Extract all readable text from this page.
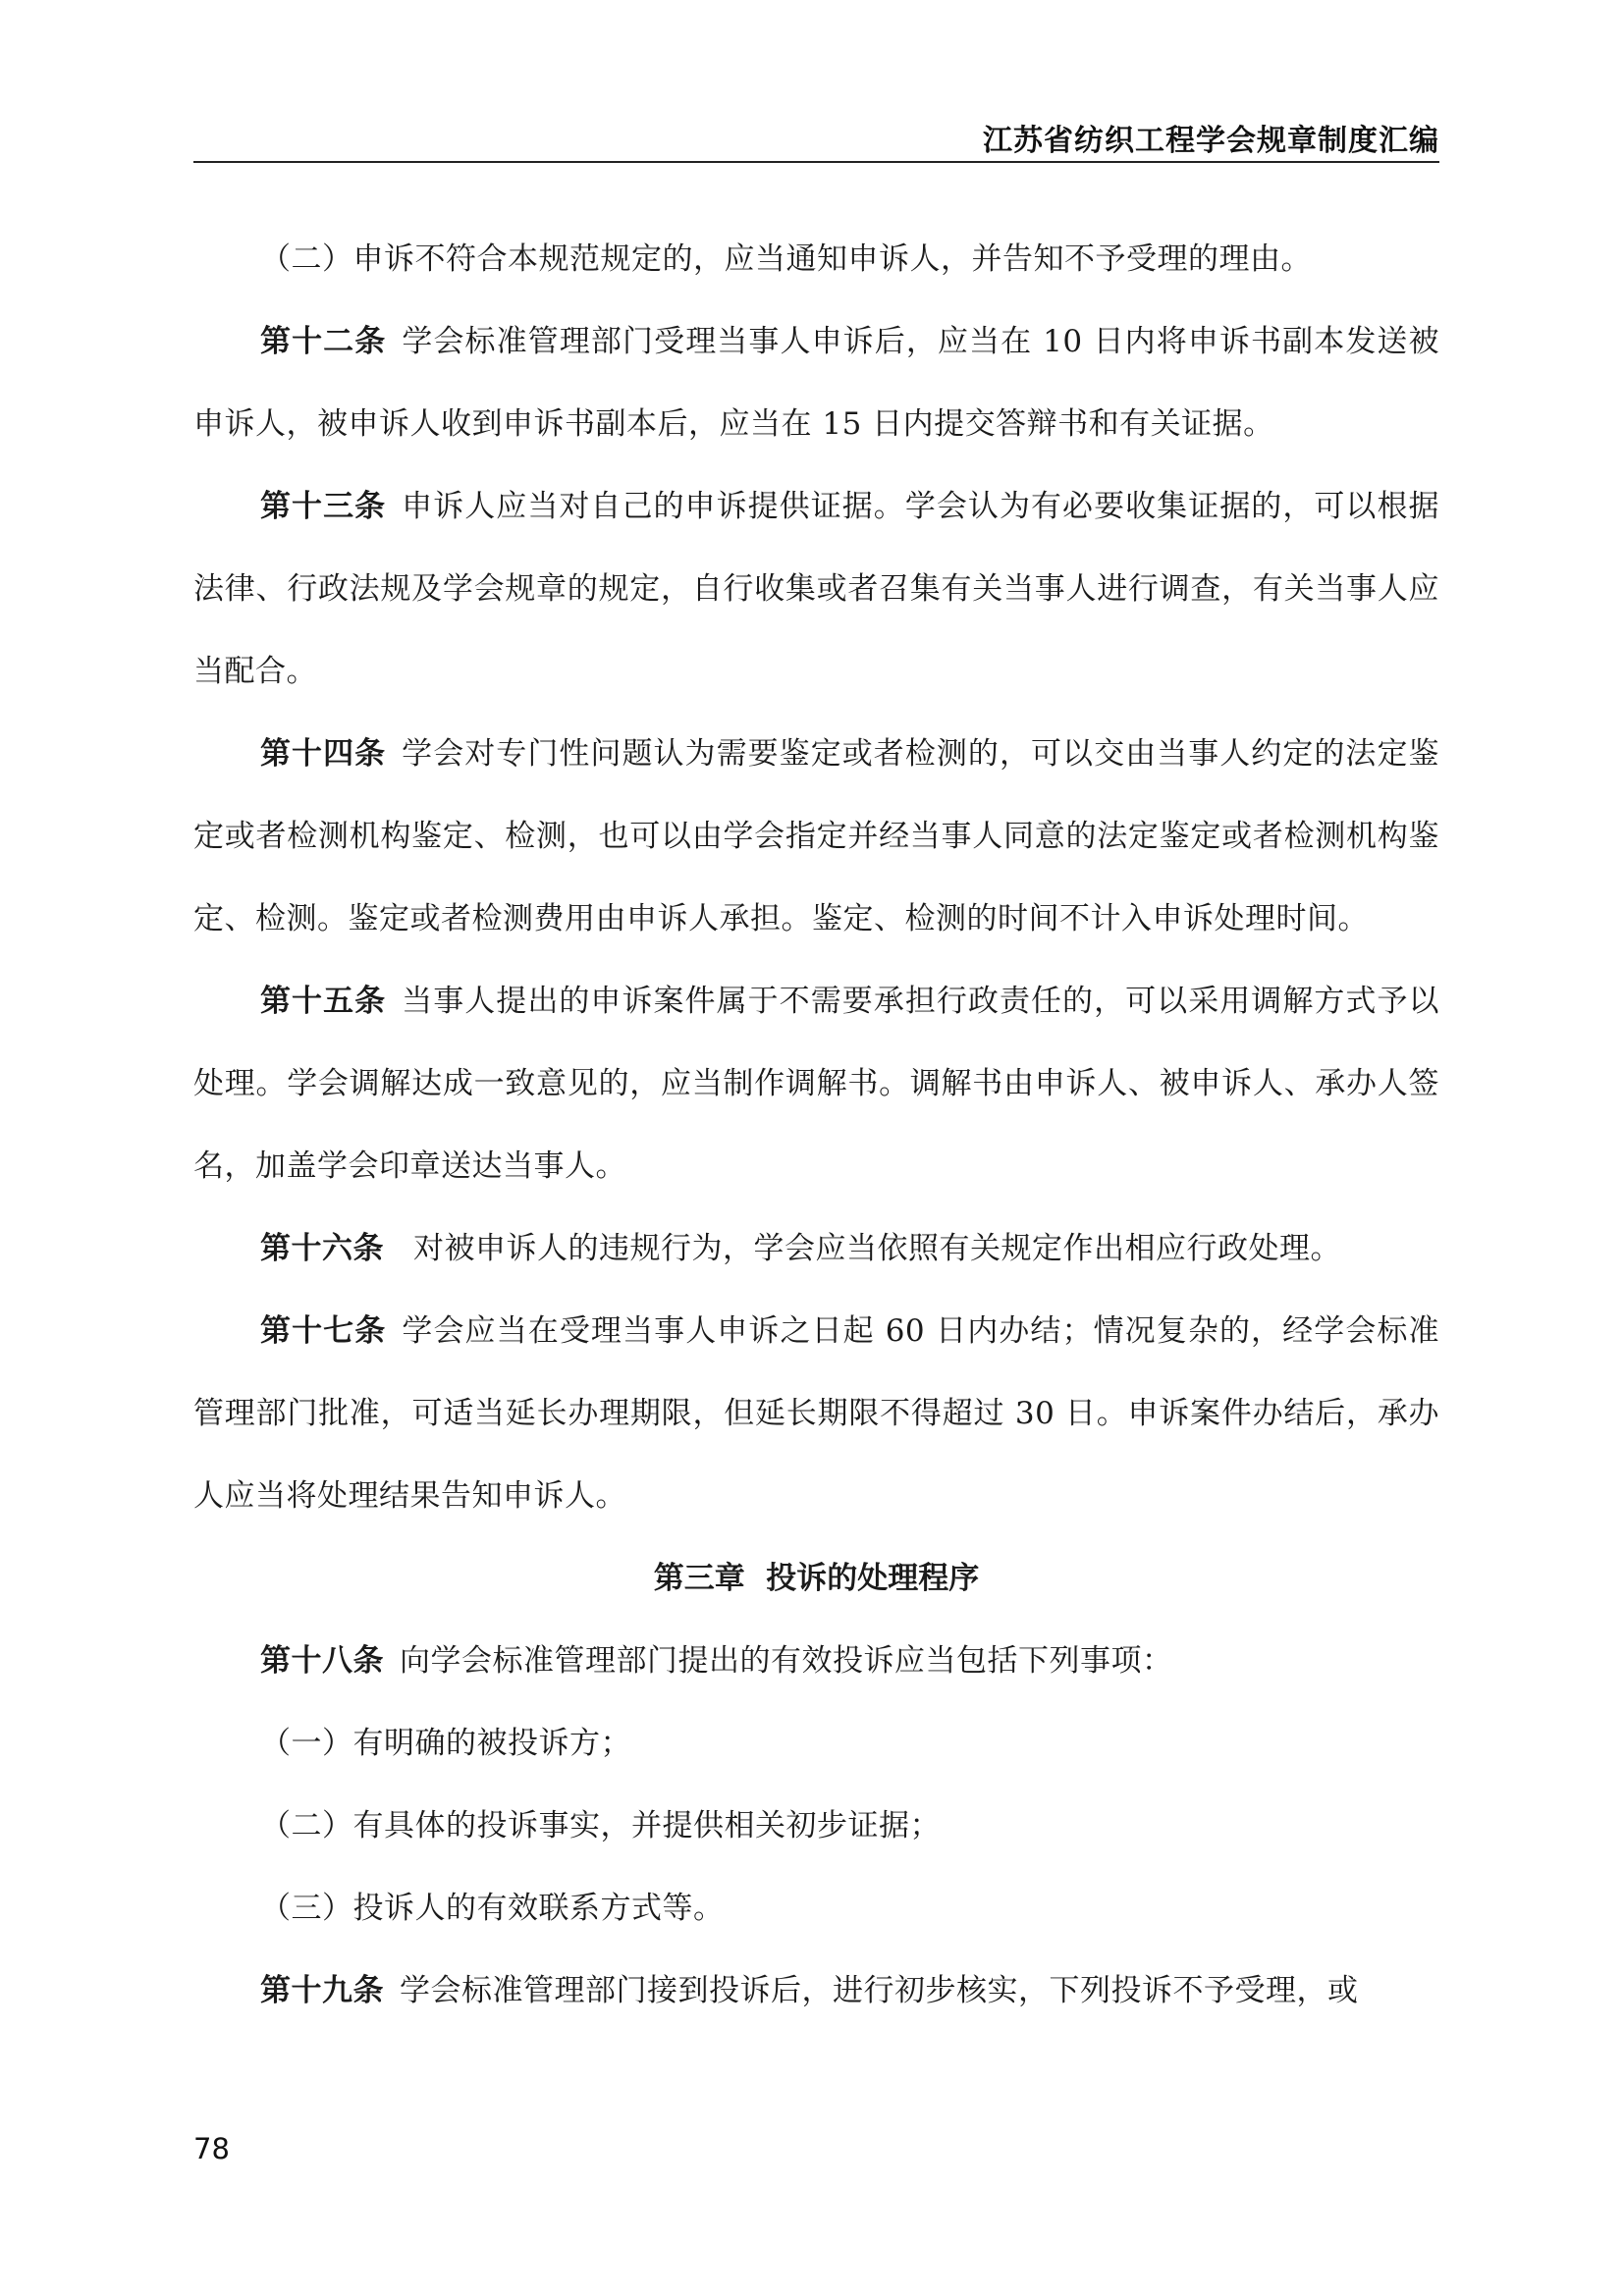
江苏省纺织工程学会规章制度汇编

（二）申诉不符合本规范规定的，应当通知申诉人，并告知不予受理的理由。

第十二条 学会标准管理部门受理当事人申诉后，应当在 10 日内将申诉书副本发送被申诉人，被申诉人收到申诉书副本后，应当在 15 日内提交答辩书和有关证据。

第十三条 申诉人应当对自己的申诉提供证据。学会认为有必要收集证据的，可以根据法律、行政法规及学会规章的规定，自行收集或者召集有关当事人进行调查，有关当事人应当配合。

第十四条 学会对专门性问题认为需要鉴定或者检测的，可以交由当事人约定的法定鉴定或者检测机构鉴定、检测，也可以由学会指定并经当事人同意的法定鉴定或者检测机构鉴定、检测。鉴定或者检测费用由申诉人承担。鉴定、检测的时间不计入申诉处理时间。

第十五条 当事人提出的申诉案件属于不需要承担行政责任的，可以采用调解方式予以处理。学会调解达成一致意见的，应当制作调解书。调解书由申诉人、被申诉人、承办人签名，加盖学会印章送达当事人。

第十六条 对被申诉人的违规行为，学会应当依照有关规定作出相应行政处理。

第十七条 学会应当在受理当事人申诉之日起 60 日内办结；情况复杂的，经学会标准管理部门批准，可适当延长办理期限，但延长期限不得超过 30 日。申诉案件办结后，承办人应当将处理结果告知申诉人。

第三章  投诉的处理程序

第十八条 向学会标准管理部门提出的有效投诉应当包括下列事项：

（一）有明确的被投诉方；

（二）有具体的投诉事实，并提供相关初步证据；

（三）投诉人的有效联系方式等。

第十九条 学会标准管理部门接到投诉后，进行初步核实，下列投诉不予受理，或

78
